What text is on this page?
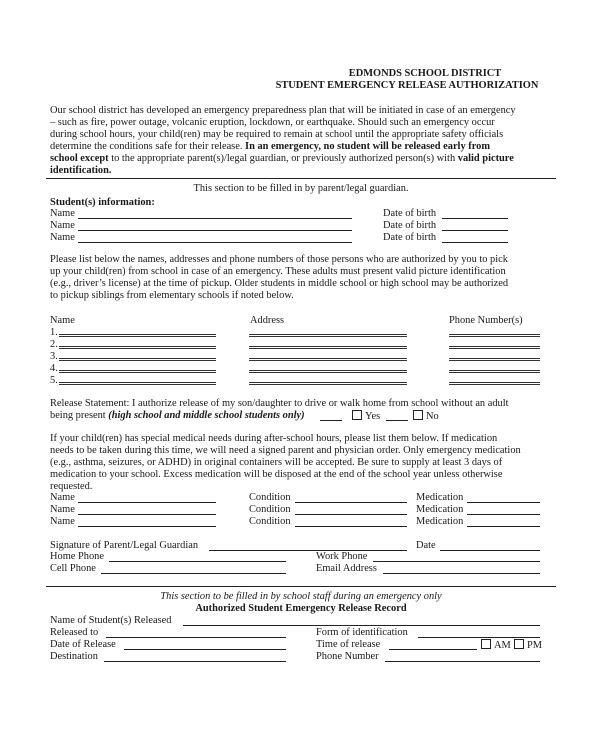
EDMONDS SCHOOL DISTRICT
STUDENT EMERGENCY RELEASE AUTHORIZATION
Our school district has developed an emergency preparedness plan that will be initiated in case of an emergency
– such as fire, power outage, volcanic eruption, lockdown, or earthquake. Should such an emergency occur
during school hours, your child(ren) may be required to remain at school until the appropriate safety officials
determine the conditions safe for their release. In an emergency, no student will be released early from
school except to the appropriate parent(s)/legal guardian, or previously authorized person(s) with valid picture
identification.
This section to be filled in by parent/legal guardian.
Student(s) information:
Name	Date of birth
Name	Date of birth
Name	Date of birth
Please list below the names, addresses and phone numbers of those persons who are authorized by you to pick
up your child(ren) from school in case of an emergency. These adults must present valid picture identification
(e.g., driver’s license) at the time of pickup. Older students in middle school or high school may be authorized
to pickup siblings from elementary schools if noted below.
Name	Address	Phone Number(s)
1.
2.
3.
4.
5.
Release Statement: I authorize release of my son/daughter to drive or walk home from school without an adult
being present (high school and middle school students only)	Yes	No
If your child(ren) has special medical needs during after-school hours, please list them below. If medication
needs to be taken during this time, we will need a signed parent and physician order. Only emergency medication
(e.g., asthma, seizures, or ADHD) in original containers will be accepted. Be sure to supply at least 3 days of
medication to your school. Excess medication will be disposed at the end of the school year unless otherwise
requested.
Name	Condition	Medication
Name	Condition	Medication
Name	Condition	Medication
Signature of Parent/Legal Guardian	Date
Home Phone	Work Phone
Cell Phone	Email Address
This section to be filled in by school staff during an emergency only
Authorized Student Emergency Release Record
Name of Student(s) Released
Released to	Form of identification
Date of Release	Time of release	AM	PM
Destination	Phone Number
